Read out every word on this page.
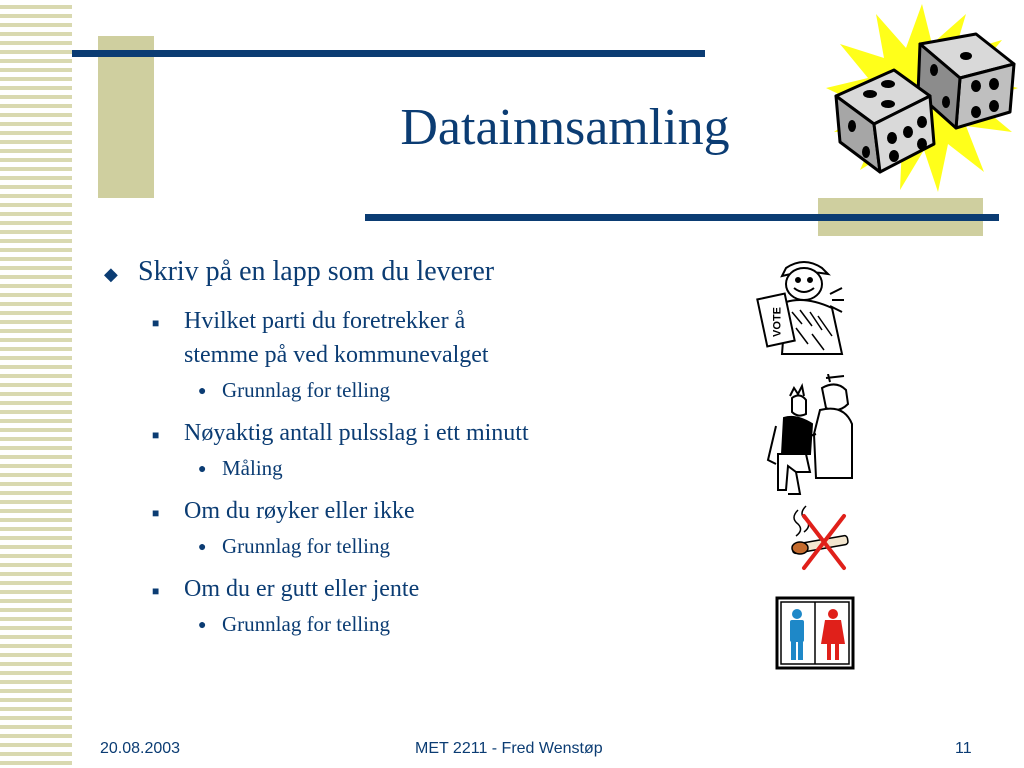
Datainnsamling
◆ Skriv på en lapp som du leverer
■ Hvilket parti du foretrekker å
stemme på ved kommunevalget
● Grunnlag for telling
■ Nøyaktig antall pulsslag i ett minutt
● Måling
■ Om du røyker eller ikke
● Grunnlag for telling
■ Om du er gutt eller jente
● Grunnlag for telling
VOTE
20.08.2003	MET 2211 - Fred Wenstøp	11
